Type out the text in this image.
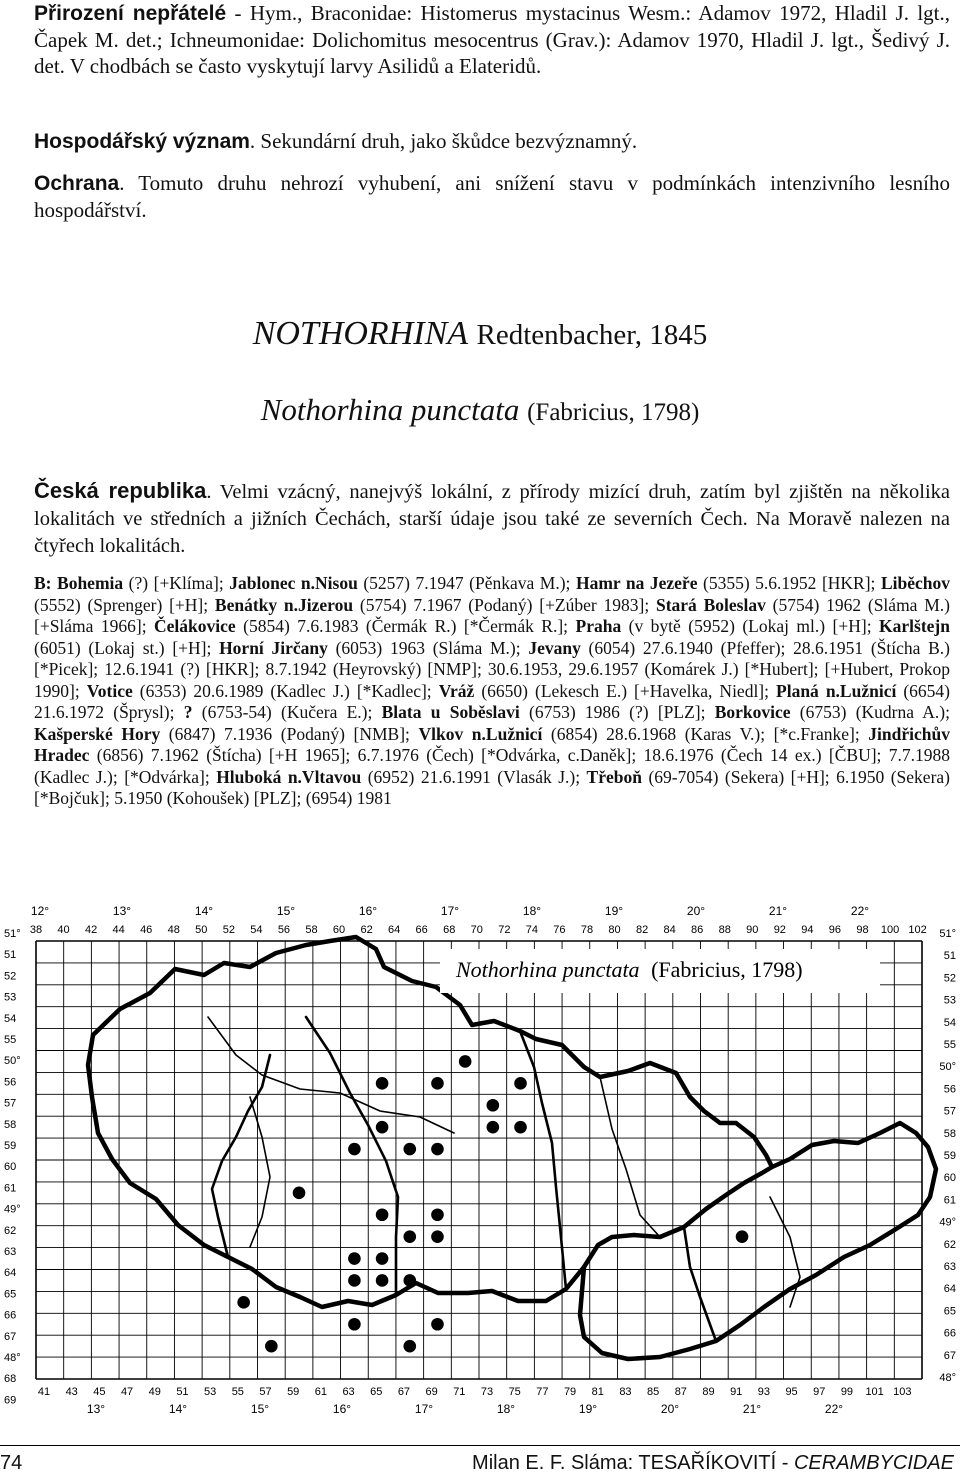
Přirození nepřátelé - Hym., Braconidae: Histomerus mystacinus Wesm.: Adamov 1972, Hladil J. lgt., Čapek M. det.; Ichneumonidae: Dolichomitus mesocentrus (Grav.): Adamov 1970, Hladil J. lgt., Šedivý J. det. V chodbách se často vyskytují larvy Asilidů a Elateridů.
Hospodářský význam. Sekundární druh, jako škůdce bezvýznamný.
Ochrana. Tomuto druhu nehrozí vyhubení, ani snížení stavu v podmínkách intenzivního lesního hospodářství.
NOTHORHINA Redtenbacher, 1845
Nothorhina punctata (Fabricius, 1798)
Česká republika. Velmi vzácný, nanejvýš lokální, z přírody mizící druh, zatím byl zjištěn na několika lokalitách ve středních a jižních Čechách, starší údaje jsou také ze severních Čech. Na Moravě nalezen na čtyřech lokalitách.
B: Bohemia (?) [+Klíma]; Jablonec n.Nisou (5257) 7.1947 (Pěnkava M.); Hamr na Jezeře (5355) 5.6.1952 [HKR]; Liběchov (5552) (Sprenger) [+H]; Benátky n.Jizerou (5754) 7.1967 (Podaný) [+Zúber 1983]; Stará Boleslav (5754) 1962 (Sláma M.) [+Sláma 1966]; Čelákovice (5854) 7.6.1983 (Čermák R.) [*Čermák R.]; Praha (v bytě (5952) (Lokaj ml.) [+H]; Karlštejn (6051) (Lokaj st.) [+H]; Horní Jirčany (6053) 1963 (Sláma M.); Jevany (6054) 27.6.1940 (Pfeffer); 28.6.1951 (Štícha B.) [*Picek]; 12.6.1941 (?) [HKR]; 8.7.1942 (Heyrovský) [NMP]; 30.6.1953, 29.6.1957 (Komárek J.) [*Hubert]; [+Hubert, Prokop 1990]; Votice (6353) 20.6.1989 (Kadlec J.) [*Kadlec]; Vráž (6650) (Lekesch E.) [+Havelka, Niedl]; Planá n.Lužnicí (6654) 21.6.1972 (Šprysl); ? (6753-54) (Kučera E.); Blata u Soběslavi (6753) 1986 (?) [PLZ]; Borkovice (6753) (Kudrna A.); Kašperské Hory (6847) 7.1936 (Podaný) [NMB]; Vlkov n.Lužnicí (6854) 28.6.1968 (Karas V.); [*c.Franke]; Jindřichův Hradec (6856) 7.1962 (Štícha) [+H 1965]; 6.7.1976 (Čech) [*Odvárka, c.Daněk]; 18.6.1976 (Čech 14 ex.) [ČBU]; 7.7.1988 (Kadlec J.); [*Odvárka]; Hluboká n.Vltavou (6952) 21.6.1991 (Vlasák J.); Třeboň (69-7054) (Sekera) [+H]; 6.1950 (Sekera) [*Bojčuk]; 5.1950 (Kohoušek) [PLZ]; (6954) 1981
12°	13°	14°	15°	16°	17°	18°	19°	20°	21°	22°
38 40 42 44 46 48 50 52 54 56 58 60 62 64 66 68 70 72 74 76 78 80 82 84 86 88 90 92 94 96 98 100 102
51°
51
52
53
54
55
50°
56
57
58
59
60
61
49°
62
63
64
65
66
67
48°
68
69
51°
51
52
53
54
55
50°
56
57
58
59
60
61
49°
62
63
64
65
66
67
48°
41 43 45 47 49 51 53 55 57 59 61 63 65 67 69 71 73 75 77 79 81 83 85 87 89 91 93 95 97 99 101 103
13°	14°	15°	16°	17°	18°	19°	20°	21°	22°
Nothorhina punctata (Fabricius, 1798)
74	Milan E. F. Sláma: TESAŘÍKOVITÍ - CERAMBYCIDAE
